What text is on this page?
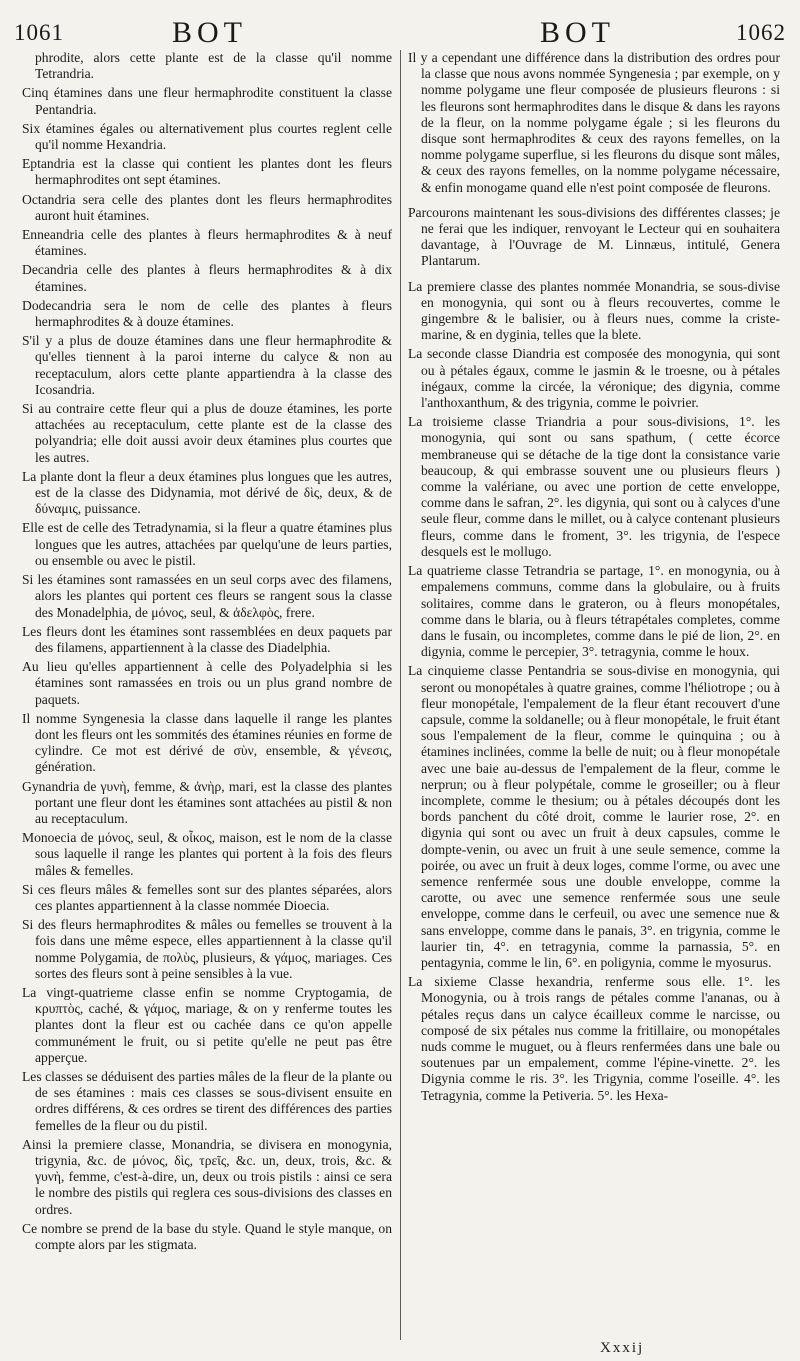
1061	BOT	BOT	1062

phrodite, alors cette plante est de la classe qu'il nomme Tetrandria.

Cinq étamines dans une fleur hermaphrodite constituent la classe Pentandria.

Six étamines égales ou alternativement plus courtes reglent celle qu'il nomme Hexandria.

Eptandria est la classe qui contient les plantes dont les fleurs hermaphrodites ont sept étamines.

Octandria sera celle des plantes dont les fleurs hermaphrodites auront huit étamines.

Enneandria celle des plantes à fleurs hermaphrodites & à neuf étamines.

Decandria celle des plantes à fleurs hermaphrodites & à dix étamines.

Dodecandria sera le nom de celle des plantes à fleurs hermaphrodites & à douze étamines.

S'il y a plus de douze étamines dans une fleur hermaphrodite & qu'elles tiennent à la paroi interne du calyce & non au receptaculum, alors cette plante appartiendra à la classe des Icosandria.

Si au contraire cette fleur qui a plus de douze étamines, les porte attachées au receptaculum, cette plante est de la classe des polyandria; elle doit aussi avoir deux étamines plus courtes que les autres.

La plante dont la fleur a deux étamines plus longues que les autres, est de la classe des Didynamia, mot dérivé de δὶς, deux, & de δύναμις, puissance.

Elle est de celle des Tetradynamia, si la fleur a quatre étamines plus longues que les autres, attachées par quelqu'une de leurs parties, ou ensemble ou avec le pistil.

Si les étamines sont ramassées en un seul corps avec des filamens, alors les plantes qui portent ces fleurs se rangent sous la classe des Monadelphia, de μόνος, seul, & ἀδελφὸς, frere.

Les fleurs dont les étamines sont rassemblées en deux paquets par des filamens, appartiennent à la classe des Diadelphia.

Au lieu qu'elles appartiennent à celle des Polyadelphia si les étamines sont ramassées en trois ou un plus grand nombre de paquets.

Il nomme Syngenesia la classe dans laquelle il range les plantes dont les fleurs ont les sommités des étamines réunies en forme de cylindre. Ce mot est dérivé de σὺν, ensemble, & γένεσις, génération.

Gynandria de γυνὴ, femme, & ἀνὴρ, mari, est la classe des plantes portant une fleur dont les étamines sont attachées au pistil & non au receptaculum.

Monoecia de μόνος, seul, & οἶκος, maison, est le nom de la classe sous laquelle il range les plantes qui portent à la fois des fleurs mâles & femelles.

Si ces fleurs mâles & femelles sont sur des plantes séparées, alors ces plantes appartiennent à la classe nommée Dioecia.

Si des fleurs hermaphrodites & mâles ou femelles se trouvent à la fois dans une même espece, elles appartiennent à la classe qu'il nomme Polygamia, de πολὺς, plusieurs, & γάμος, mariages. Ces sortes des fleurs sont à peine sensibles à la vue.

La vingt-quatrieme classe enfin se nomme Cryptogamia, de κρυπτὸς, caché, & γάμος, mariage, & on y renferme toutes les plantes dont la fleur est ou cachée dans ce qu'on appelle communément le fruit, ou si petite qu'elle ne peut pas être apperçue.

Les classes se déduisent des parties mâles de la fleur de la plante ou de ses étamines : mais ces classes se sous-divisent ensuite en ordres différens, & ces ordres se tirent des différences des parties femelles de la fleur ou du pistil.

Ainsi la premiere classe, Monandria, se divisera en monogynia, trigynia, &c. de μόνος, δὶς, τρεῖς, &c. un, deux, trois, &c. & γυνὴ, femme, c'est-à-dire, un, deux ou trois pistils : ainsi ce sera le nombre des pistils qui reglera ces sous-divisions des classes en ordres.

Ce nombre se prend de la base du style. Quand le style manque, on compte alors par les stigmata.

Il y a cependant une différence dans la distribution des ordres pour la classe que nous avons nommée Syngenesia ; par exemple, on y nomme polygame une fleur composée de plusieurs fleurons : si les fleurons sont hermaphrodites dans le disque & dans les rayons de la fleur, on la nomme polygame égale ; si les fleurons du disque sont hermaphrodites & ceux des rayons femelles, on la nomme polygame superflue, si les fleurons du disque sont mâles, & ceux des rayons femelles, on la nomme polygame nécessaire, & enfin monogame quand elle n'est point composée de fleurons.

Parcourons maintenant les sous-divisions des différentes classes; je ne ferai que les indiquer, renvoyant le Lecteur qui en souhaitera davantage, à l'Ouvrage de M. Linnæus, intitulé, Genera Plantarum.

La premiere classe des plantes nommée Monandria, se sous-divise en monogynia, qui sont ou à fleurs recouvertes, comme le gingembre & le balisier, ou à fleurs nues, comme la criste-marine, & en dyginia, telles que la blete.

La seconde classe Diandria est composée des monogynia, qui sont ou à pétales égaux, comme le jasmin & le troesne, ou à pétales inégaux, comme la circée, la véronique; des digynia, comme l'anthoxanthum, & des trigynia, comme le poivrier.

La troisieme classe Triandria a pour sous-divisions, 1°. les monogynia, qui sont ou sans spathum, ( cette écorce membraneuse qui se détache de la tige dont la consistance varie beaucoup, & qui embrasse souvent une ou plusieurs fleurs ) comme la valériane, ou avec une portion de cette enveloppe, comme dans le safran, 2°. les digynia, qui sont ou à calyces d'une seule fleur, comme dans le millet, ou à calyce contenant plusieurs fleurs, comme dans le froment, 3°. les trigynia, de l'espece desquels est le mollugo.

La quatrieme classe Tetrandria se partage, 1°. en monogynia, ou à empalemens communs, comme dans la globulaire, ou à fruits solitaires, comme dans le grateron, ou à fleurs monopétales, comme dans le blaria, ou à fleurs tétrapétales completes, comme dans le fusain, ou incompletes, comme dans le pié de lion, 2°. en digynia, comme le percepier, 3°. tetragynia, comme le houx.

La cinquieme classe Pentandria se sous-divise en monogynia, qui seront ou monopétales à quatre graines, comme l'héliotrope ; ou à fleur monopétale, l'empalement de la fleur étant recouvert d'une capsule, comme la soldanelle; ou à fleur monopétale, le fruit étant sous l'empalement de la fleur, comme le quinquina ; ou à étamines inclinées, comme la belle de nuit; ou à fleur monopétale avec une baie au-dessus de l'empalement de la fleur, comme le nerprun; ou à fleur polypétale, comme le groseiller; ou à fleur incomplete, comme le thesium; ou à pétales découpés dont les bords panchent du côté droit, comme le laurier rose, 2°. en digynia qui sont ou avec un fruit à deux capsules, comme le dompte-venin, ou avec un fruit à une seule semence, comme la poirée, ou avec un fruit à deux loges, comme l'orme, ou avec une semence renfermée sous une double enveloppe, comme la carotte, ou avec une semence renfermée sous une seule enveloppe, comme dans le cerfeuil, ou avec une semence nue & sans enveloppe, comme dans le panais, 3°. en trigynia, comme le laurier tin, 4°. en tetragynia, comme la parnassia, 5°. en pentagynia, comme le lin, 6°. en poligynia, comme le myosurus.

La sixieme Classe hexandria, renferme sous elle. 1°. les Monogynia, ou à trois rangs de pétales comme l'ananas, ou à pétales reçus dans un calyce écailleux comme le narcisse, ou composé de six pétales nus comme la fritillaire, ou monopétales nuds comme le muguet, ou à fleurs renfermées dans une bale ou soutenues par un empalement, comme l'épine-vinette. 2°. les Digynia comme le ris. 3°. les Trigynia, comme l'oseille. 4°. les Tetragynia, comme la Petiveria. 5°. les Hexa-

Xxxij
